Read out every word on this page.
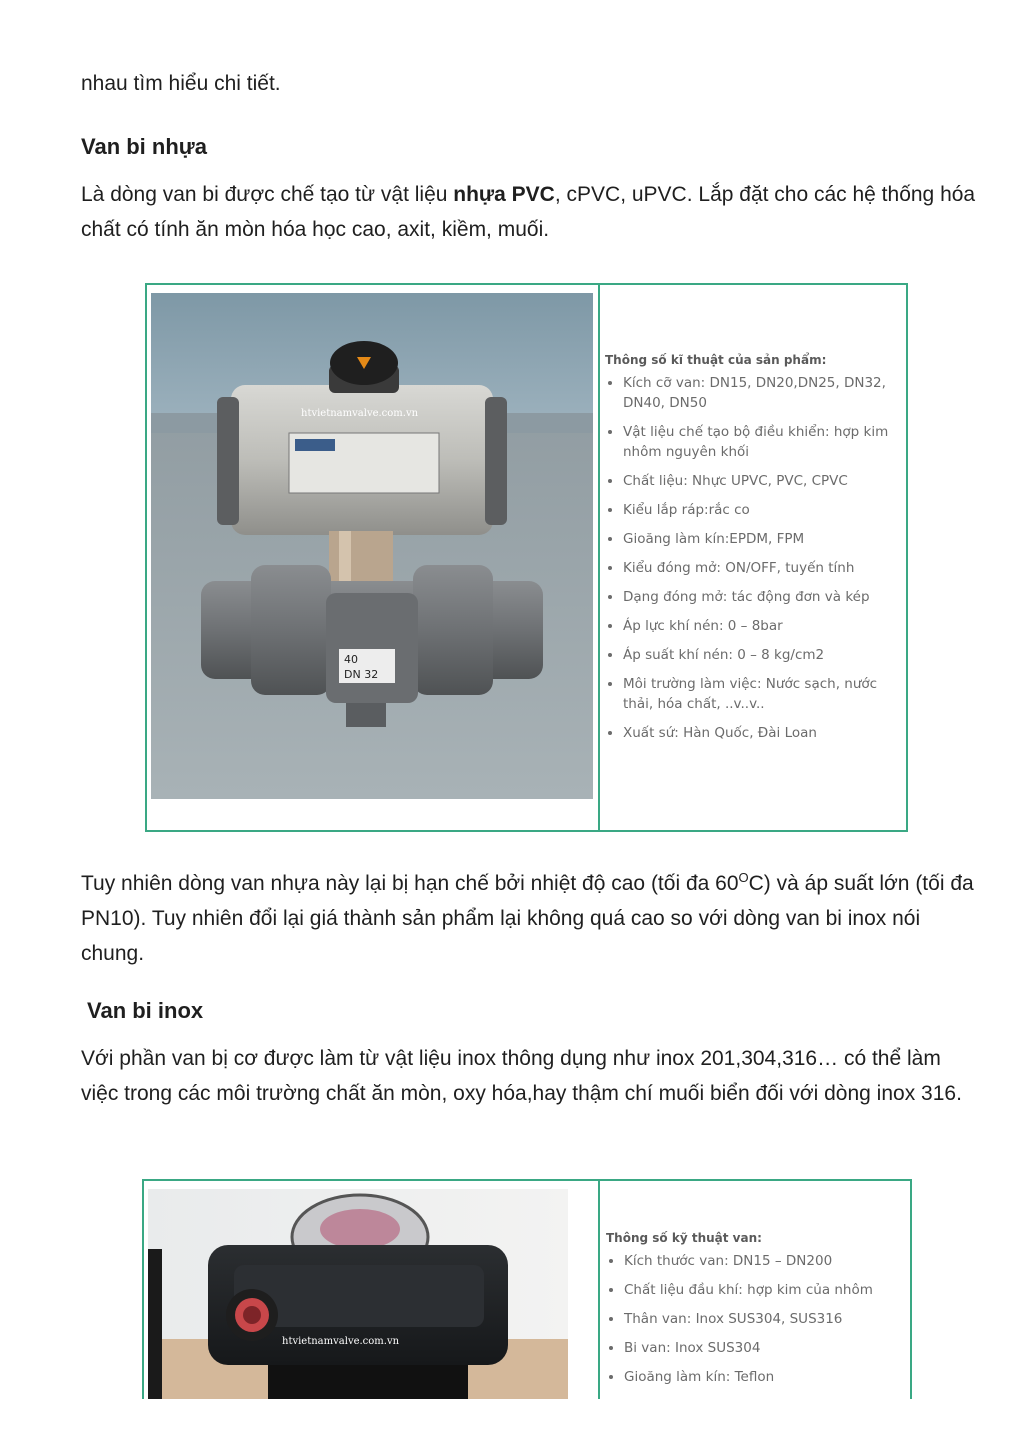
nhau tìm hiểu chi tiết.

Van bi nhựa

Là dòng van bi được chế tạo từ vật liệu nhựa PVC, cPVC, uPVC. Lắp đặt cho các hệ thống hóa chất có tính ăn mòn hóa học cao, axit, kiềm, muối.

htvietnamvalve.com.vn
40
DN 32

Thông số kĩ thuật của sản phẩm:

• Kích cỡ van: DN15, DN20,DN25, DN32, DN40, DN50
• Vật liệu chế tạo bộ điều khiển: hợp kim nhôm nguyên khối
• Chất liệu: Nhực UPVC, PVC, CPVC
• Kiểu lắp ráp:rắc co
• Gioăng làm kín:EPDM, FPM
• Kiểu đóng mở: ON/OFF, tuyến tính
• Dạng đóng mở: tác động đơn và kép
• Áp lực khí nén: 0 – 8bar
• Áp suất khí nén: 0 – 8 kg/cm2
• Môi trường làm việc: Nước sạch, nước thải, hóa chất, ..v..v..
• Xuất sứ: Hàn Quốc, Đài Loan

Tuy nhiên dòng van nhựa này lại bị hạn chế bởi nhiệt độ cao (tối đa $60^OC$) và áp suất lớn (tối đa PN10). Tuy nhiên đổi lại giá thành sản phẩm lại không quá cao so với dòng van bi inox nói chung.

Van bi inox

Với phần van bị cơ được làm từ vật liệu inox thông dụng như inox 201,304,316… có thể làm việc trong các môi trường chất ăn mòn, oxy hóa,hay thậm chí muối biển đối với dòng inox 316.

htvietnamvalve.com.vn

Thông số kỹ thuật van:

• Kích thước van: DN15 – DN200
• Chất liệu đầu khí: hợp kim của nhôm
• Thân van: Inox SUS304, SUS316
• Bi van: Inox SUS304
• Gioăng làm kín: Teflon
